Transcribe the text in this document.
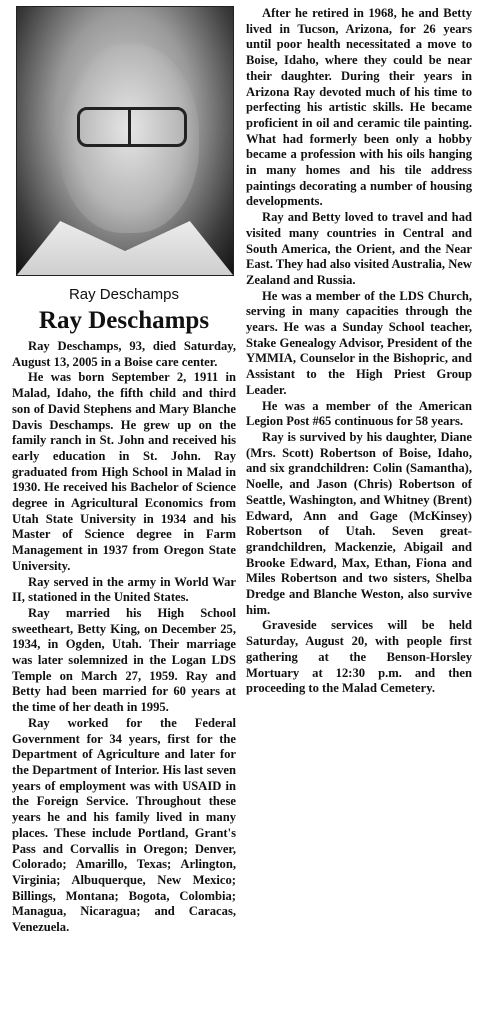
Ray Deschamps
Ray Deschamps

Ray Deschamps, 93, died Saturday, August 13, 2005 in a Boise care center.

He was born September 2, 1911 in Malad, Idaho, the fifth child and third son of David Stephens and Mary Blanche Davis Deschamps. He grew up on the family ranch in St. John and received his early education in St. John. Ray graduated from High School in Malad in 1930. He received his Bachelor of Science degree in Agricultural Economics from Utah State University in 1934 and his Master of Science degree in Farm Management in 1937 from Oregon State University.

Ray served in the army in World War II, stationed in the United States.

Ray married his High School sweetheart, Betty King, on December 25, 1934, in Ogden, Utah. Their marriage was later solemnized in the Logan LDS Temple on March 27, 1959. Ray and Betty had been married for 60 years at the time of her death in 1995.

Ray worked for the Federal Government for 34 years, first for the Department of Agriculture and later for the Department of Interior. His last seven years of employment was with USAID in the Foreign Service. Throughout these years he and his family lived in many places. These include Portland, Grant's Pass and Corvallis in Oregon; Denver, Colorado; Amarillo, Texas; Arlington, Virginia; Albuquerque, New Mexico; Billings, Montana; Bogota, Colombia; Managua, Nicaragua; and Caracas, Venezuela.

After he retired in 1968, he and Betty lived in Tucson, Arizona, for 26 years until poor health necessitated a move to Boise, Idaho, where they could be near their daughter. During their years in Arizona Ray devoted much of his time to perfecting his artistic skills. He became proficient in oil and ceramic tile painting. What had formerly been only a hobby became a profession with his oils hanging in many homes and his tile address paintings decorating a number of housing developments.

Ray and Betty loved to travel and had visited many countries in Central and South America, the Orient, and the Near East. They had also visited Australia, New Zealand and Russia.

He was a member of the LDS Church, serving in many capacities through the years. He was a Sunday School teacher, Stake Genealogy Advisor, President of the YMMIA, Counselor in the Bishopric, and Assistant to the High Priest Group Leader.

He was a member of the American Legion Post #65 continuous for 58 years.

Ray is survived by his daughter, Diane (Mrs. Scott) Robertson of Boise, Idaho, and six grandchildren: Colin (Samantha), Noelle, and Jason (Chris) Robertson of Seattle, Washington, and Whitney (Brent) Edward, Ann and Gage (McKinsey) Robertson of Utah. Seven great-grandchildren, Mackenzie, Abigail and Brooke Edward, Max, Ethan, Fiona and Miles Robertson and two sisters, Shelba Dredge and Blanche Weston, also survive him.

Graveside services will be held Saturday, August 20, with people first gathering at the Benson-Horsley Mortuary at 12:30 p.m. and then proceeding to the Malad Cemetery.
